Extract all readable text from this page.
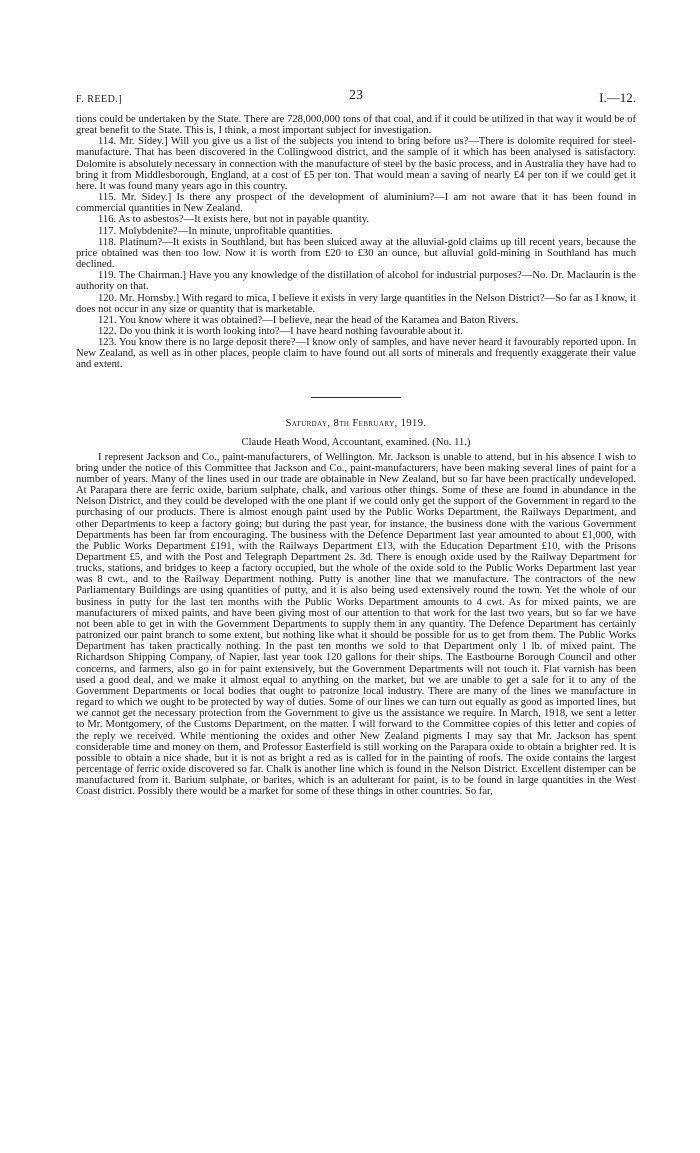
F. REED.]	23	I.—12.

tions could be undertaken by the State. There are 728,000,000 tons of that coal, and if it could be utilized in that way it would be of great benefit to the State. This is, I think, a most important subject for investigation.

114. Mr. Sidey.] Will you give us a list of the subjects you intend to bring before us?—There is dolomite required for steel-manufacture. That has been discovered in the Collingwood district, and the sample of it which has been analysed is satisfactory. Dolomite is absolutely necessary in connection with the manufacture of steel by the basic process, and in Australia they have had to bring it from Middlesborough, England, at a cost of £5 per ton. That would mean a saving of nearly £4 per ton if we could get it here. It was found many years ago in this country.

115. Mr. Sidey.] Is there any prospect of the development of aluminium?—I am not aware that it has been found in commercial quantities in New Zealand.

116. As to asbestos?—It exists here, but not in payable quantity.

117. Molybdenite?—In minute, unprofitable quantities.

118. Platinum?—It exists in Southland, but has been sluiced away at the alluvial-gold claims up till recent years, because the price obtained was then too low. Now it is worth from £20 to £30 an ounce, but alluvial gold-mining in Southland has much declined.

119. The Chairman.] Have you any knowledge of the distillation of alcohol for industrial purposes?—No. Dr. Maclaurin is the authority on that.

120. Mr. Hornsby.] With regard to mica, I believe it exists in very large quantities in the Nelson District?—So far as I know, it does not occur in any size or quantity that is marketable.

121. You know where it was obtained?—I believe, near the head of the Karamea and Baton Rivers.

122. Do you think it is worth looking into?—I have heard nothing favourable about it.

123. You know there is no large deposit there?—I know only of samples, and have never heard it favourably reported upon. In New Zealand, as well as in other places, people claim to have found out all sorts of minerals and frequently exaggerate their value and extent.

Saturday, 8th February, 1919.
Claude Heath Wood, Accountant, examined. (No. 11.)

I represent Jackson and Co., paint-manufacturers, of Wellington. Mr. Jackson is unable to attend, but in his absence I wish to bring under the notice of this Committee that Jackson and Co., paint-manufacturers, have been making several lines of paint for a number of years. Many of the lines used in our trade are obtainable in New Zealand, but so far have been practically undeveloped. At Parapara there are ferric oxide, barium sulphate, chalk, and various other things. Some of these are found in abundance in the Nelson District, and they could be developed with the one plant if we could only get the support of the Government in regard to the purchasing of our products. There is almost enough paint used by the Public Works Department, the Railways Department, and other Departments to keep a factory going; but during the past year, for instance, the business done with the various Government Departments has been far from encouraging. The business with the Defence Department last year amounted to about £1,000, with the Public Works Department £191, with the Railways Department £13, with the Education Department £10, with the Prisons Department £5, and with the Post and Telegraph Department 2s. 3d. There is enough oxide used by the Railway Department for trucks, stations, and bridges to keep a factory occupied, but the whole of the oxide sold to the Public Works Department last year was 8 cwt., and to the Railway Department nothing. Putty is another line that we manufacture. The contractors of the new Parliamentary Buildings are using quantities of putty, and it is also being used extensively round the town. Yet the whole of our business in putty for the last ten months with the Public Works Department amounts to 4 cwt. As for mixed paints, we are manufacturers of mixed paints, and have been giving most of our attention to that work for the last two years, but so far we have not been able to get in with the Government Departments to supply them in any quantity. The Defence Department has certainly patronized our paint branch to some extent, but nothing like what it should be possible for us to get from them. The Public Works Department has taken practically nothing. In the past ten months we sold to that Department only 1 lb. of mixed paint. The Richardson Shipping Company, of Napier, last year took 120 gallons for their ships. The Eastbourne Borough Council and other concerns, and farmers, also go in for paint extensively, but the Government Departments will not touch it. Flat varnish has been used a good deal, and we make it almost equal to anything on the market, but we are unable to get a sale for it to any of the Government Departments or local bodies that ought to patronize local industry. There are many of the lines we manufacture in regard to which we ought to be protected by way of duties. Some of our lines we can turn out equally as good as imported lines, but we cannot get the necessary protection from the Government to give us the assistance we require. In March, 1918, we sent a letter to Mr. Montgomery, of the Customs Department, on the matter. I will forward to the Committee copies of this letter and copies of the reply we received. While mentioning the oxides and other New Zealand pigments I may say that Mr. Jackson has spent considerable time and money on them, and Professor Easterfield is still working on the Parapara oxide to obtain a brighter red. It is possible to obtain a nice shade, but it is not as bright a red as is called for in the painting of roofs. The oxide contains the largest percentage of ferric oxide discovered so far. Chalk is another line which is found in the Nelson District. Excellent distemper can be manufactured from it. Barium sulphate, or barites, which is an adulterant for paint, is to be found in large quantities in the West Coast district. Possibly there would be a market for some of these things in other countries. So far,
